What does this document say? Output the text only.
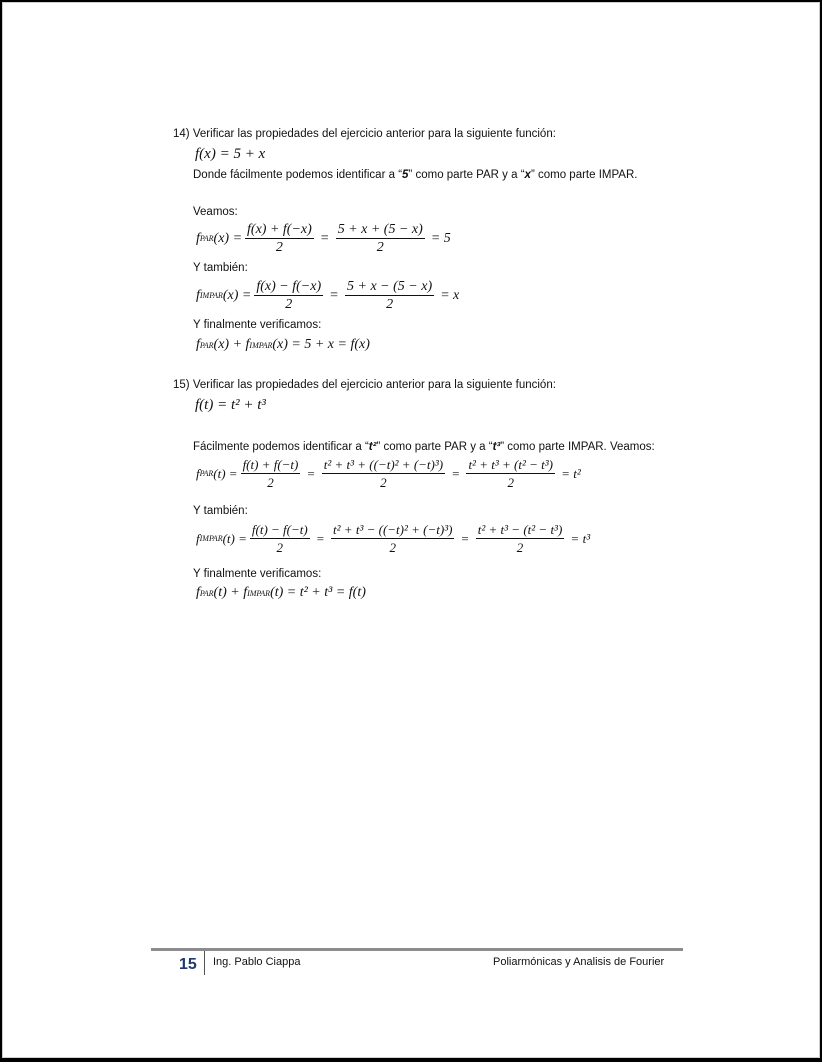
14) Verificar las propiedades del ejercicio anterior para la siguiente función:
f(x) = 5 + x
Donde fácilmente podemos identificar a “5” como parte PAR y a “x” como parte IMPAR.
Veamos:
f PAR $(x) = \frac{f(x) + f(-x)}{2} = \frac{5 + x + (5 - x)}{2} = 5$
Y también:
f IMPAR $(x) = \frac{f(x) - f(-x)}{2} = \frac{5 + x - (5 - x)}{2} = x$
Y finalmente verificamos:
f PAR (x) + f IMPAR (x) = 5 + x = f(x)
15) Verificar las propiedades del ejercicio anterior para la siguiente función:
f(t) = t² + t³
Fácilmente podemos identificar a “t²” como parte PAR y a “t³” como parte IMPAR. Veamos:
f PAR $(t) = \frac{f(t) + f(-t)}{2} = \frac{\text{t² + t³ + ((−t)² + (−t)³)}}{2} = \frac{\text{t² + t³ + (t² − t³)}}{2} = t^2$
Y también:
f IMPAR $(t) = \frac{f(t) - f(-t)}{2} = \frac{\text{t² + t³ − ((−t)² + (−t)³)}}{2} = \frac{\text{t² + t³ − (t² − t³)}}{2} = t^3$
Y finalmente verificamos:
f PAR (t) + f IMPAR (t) = t² + t³ = f(t)
15 Ing. Pablo Ciappa	Poliarmónicas y Analisis de Fourier
